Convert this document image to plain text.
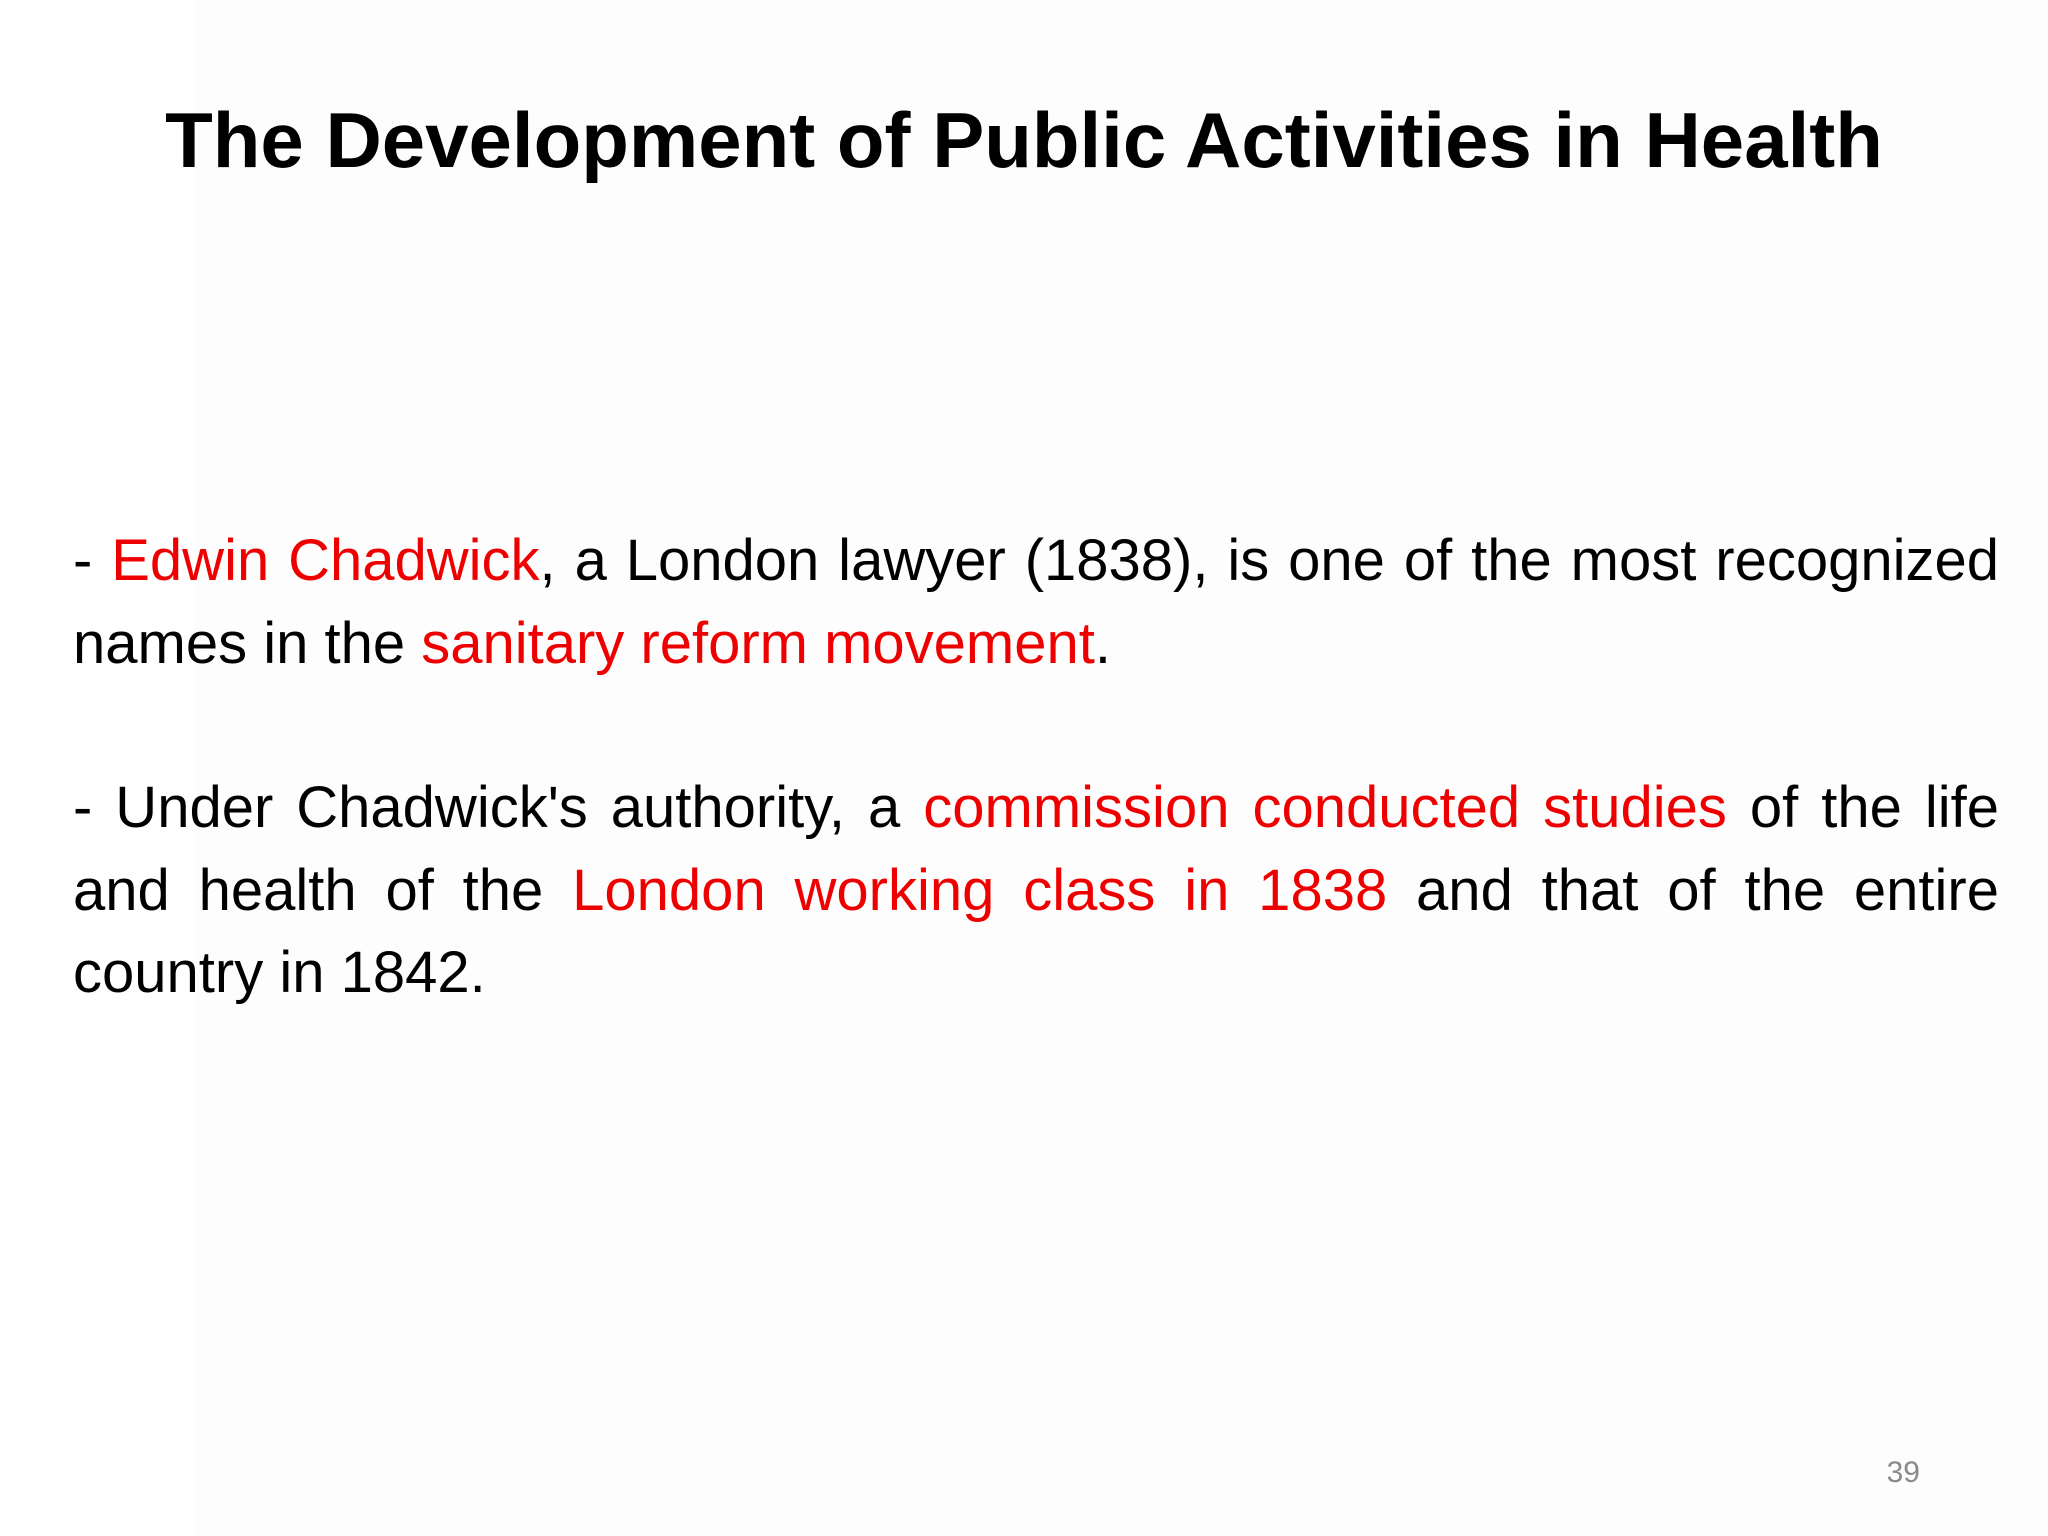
The Development of Public Activities in Health

- Edwin Chadwick, a London lawyer (1838), is one of the most recognized names in the sanitary reform movement.

- Under Chadwick's authority, a commission conducted studies of the life and health of the London working class in 1838 and that of the entire country in 1842.

39
